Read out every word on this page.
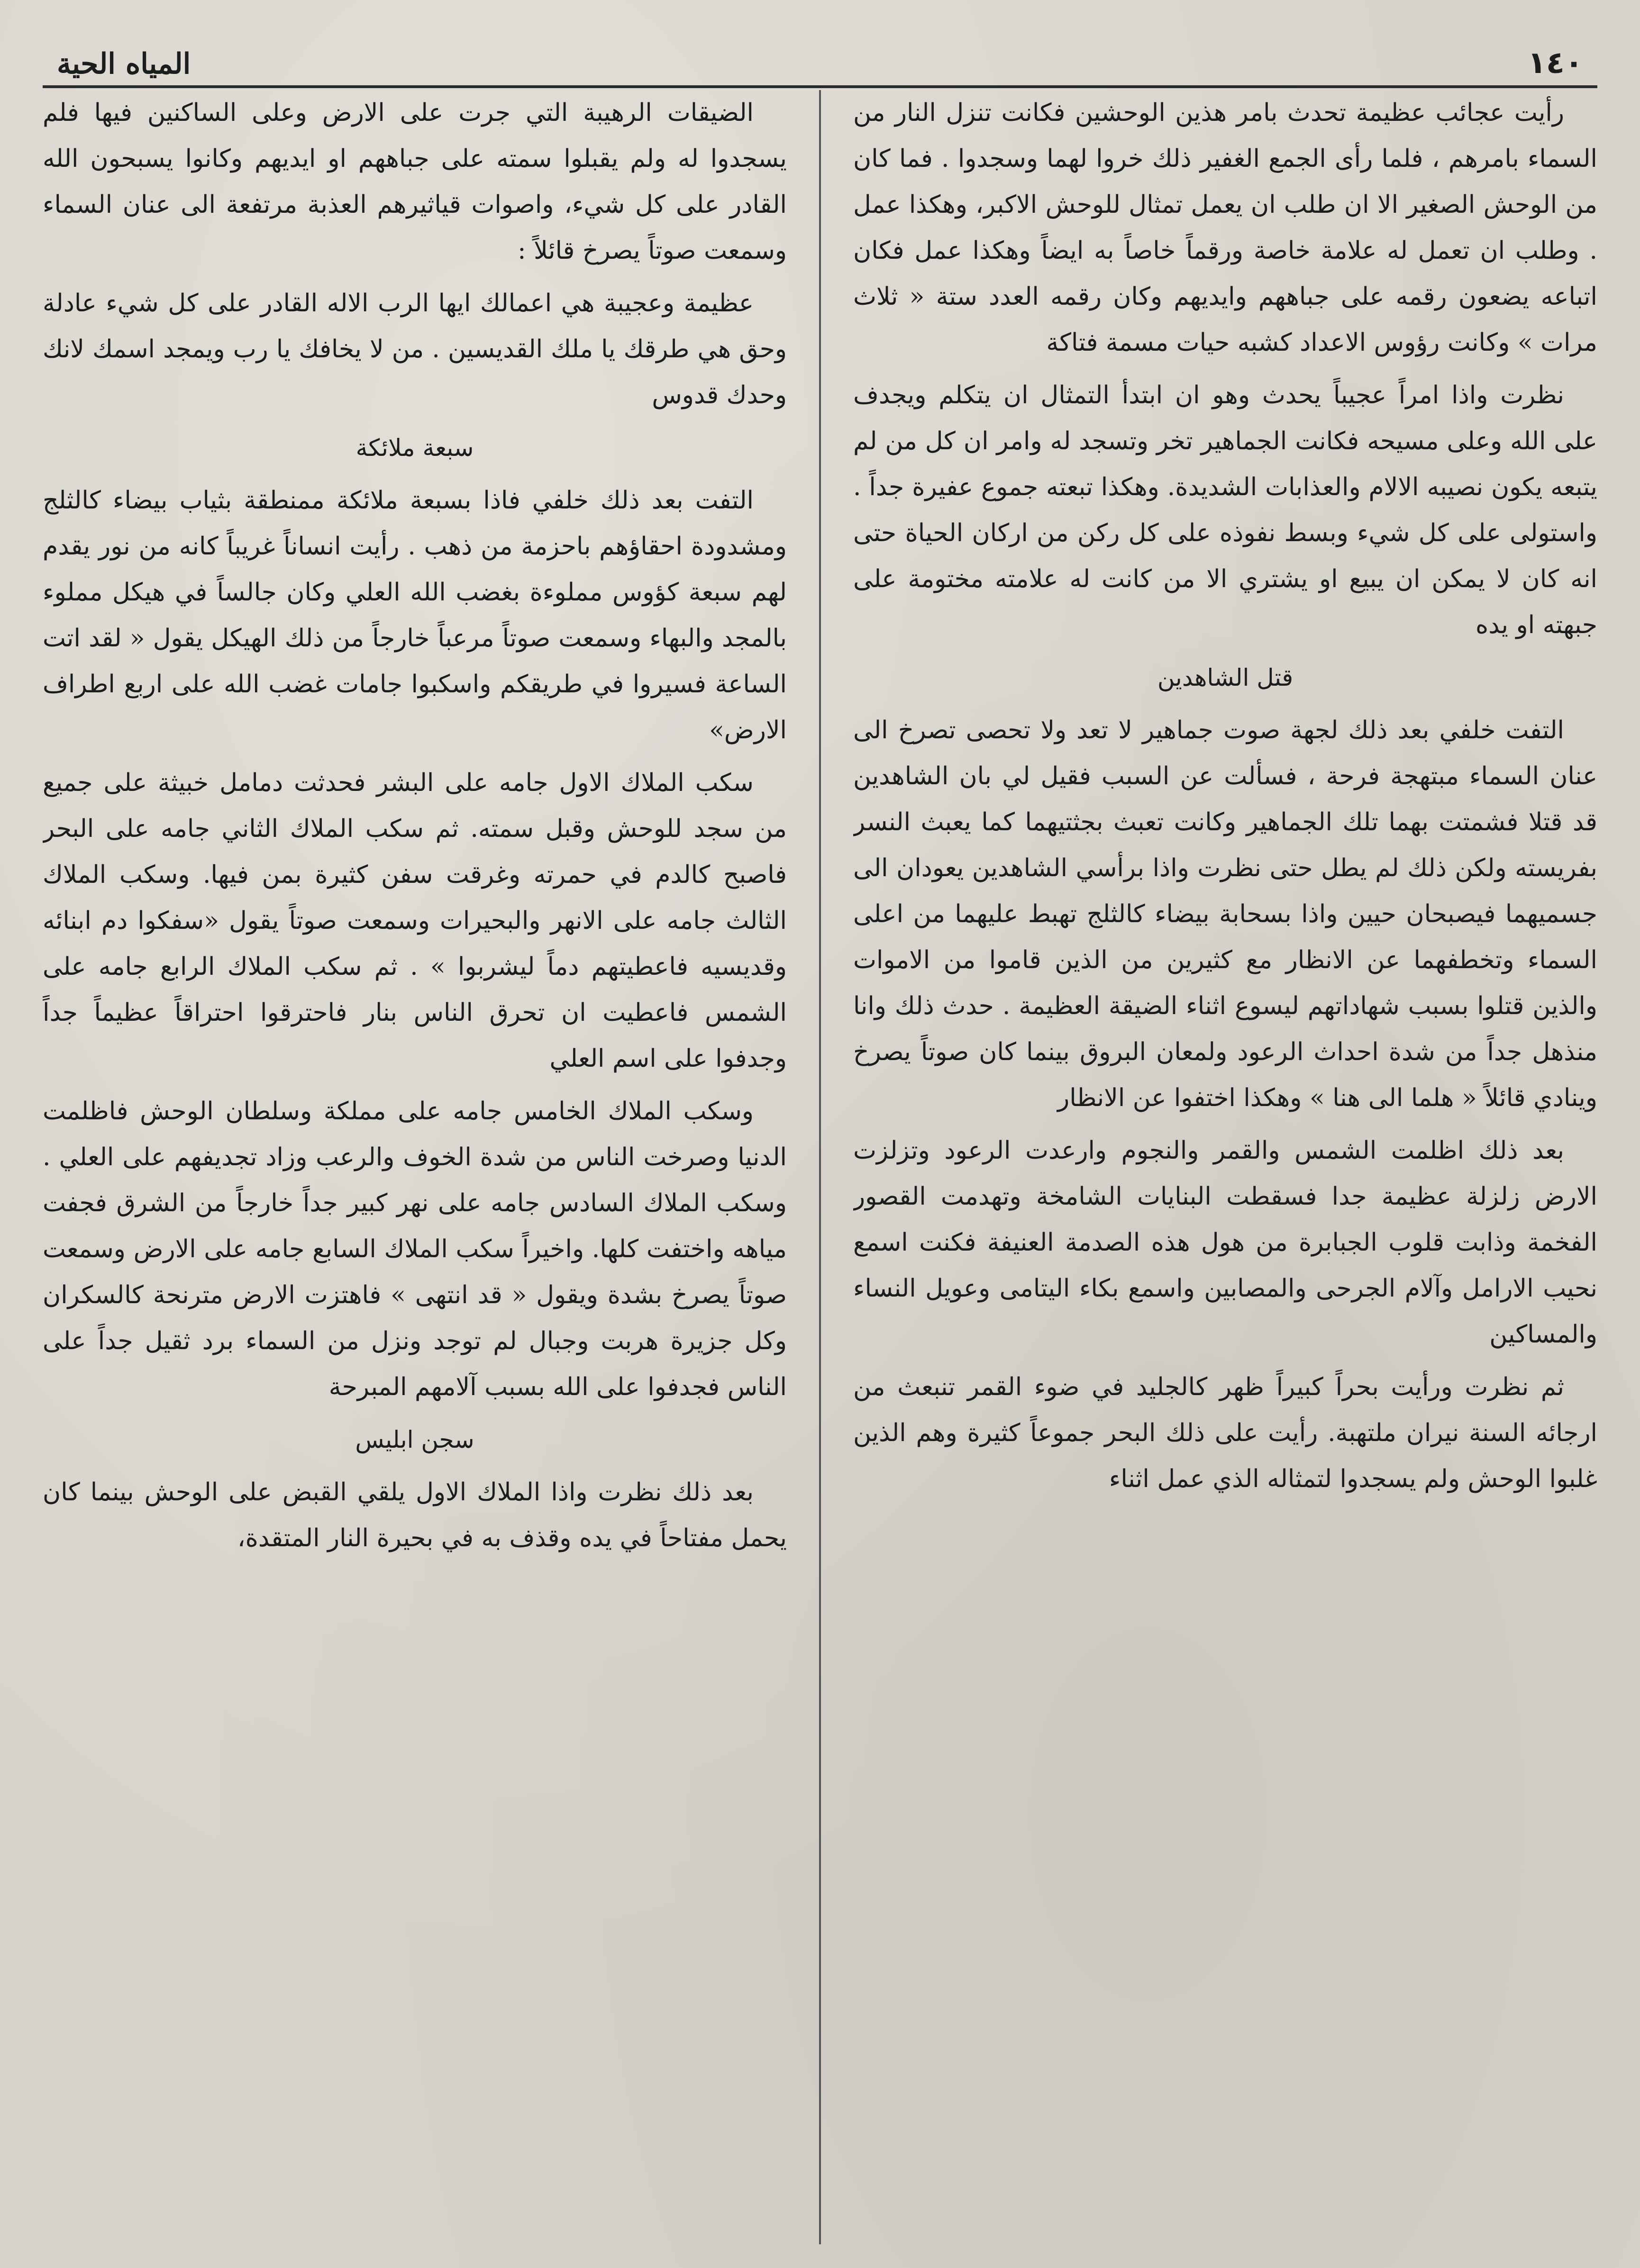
١٤٠
المياه الحية

رأيت عجائب عظيمة تحدث بامر هذين الوحشين فكانت تنزل النار من السماء بامرهم ، فلما رأى الجمع الغفير ذلك خروا لهما وسجدوا . فما كان من الوحش الصغير الا ان طلب ان يعمل تمثال للوحش الاكبر، وهكذا عمل . وطلب ان تعمل له علامة خاصة ورقماً خاصاً به ايضاً وهكذا عمل فكان اتباعه يضعون رقمه على جباههم وايديهم وكان رقمه العدد ستة « ثلاث مرات » وكانت رؤوس الاعداد كشبه حيات مسمة فتاكة

نظرت واذا امراً عجيباً يحدث وهو ان ابتدأ التمثال ان يتكلم ويجدف على الله وعلى مسيحه فكانت الجماهير تخر وتسجد له وامر ان كل من لم يتبعه يكون نصيبه الالام والعذابات الشديدة. وهكذا تبعته جموع عفيرة جداً . واستولى على كل شيء وبسط نفوذه على كل ركن من اركان الحياة حتى انه كان لا يمكن ان يبيع او يشتري الا من كانت له علامته مختومة على جبهته او يده

قتل الشاهدين

التفت خلفي بعد ذلك لجهة صوت جماهير لا تعد ولا تحصى تصرخ الى عنان السماء مبتهجة فرحة ، فسألت عن السبب فقيل لي بان الشاهدين قد قتلا فشمتت بهما تلك الجماهير وكانت تعبث بجثتيهما كما يعبث النسر بفريسته ولكن ذلك لم يطل حتى نظرت واذا برأسي الشاهدين يعودان الى جسميهما فيصبحان حيين واذا بسحابة بيضاء كالثلج تهبط عليهما من اعلى السماء وتخطفهما عن الانظار مع كثيرين من الذين قاموا من الاموات والذين قتلوا بسبب شهاداتهم ليسوع اثناء الضيقة العظيمة . حدث ذلك وانا منذهل جداً من شدة احداث الرعود ولمعان البروق بينما كان صوتاً يصرخ وينادي قائلاً « هلما الى هنا » وهكذا اختفوا عن الانظار

بعد ذلك اظلمت الشمس والقمر والنجوم وارعدت الرعود وتزلزت الارض زلزلة عظيمة جدا فسقطت البنايات الشامخة وتهدمت القصور الفخمة وذابت قلوب الجبابرة من هول هذه الصدمة العنيفة فكنت اسمع نحيب الارامل وآلام الجرحى والمصابين واسمع بكاء اليتامى وعويل النساء والمساكين

ثم نظرت ورأيت بحراً كبيراً ظهر كالجليد في ضوء القمر تنبعث من ارجائه السنة نيران ملتهبة. رأيت على ذلك البحر جموعاً كثيرة وهم الذين غلبوا الوحش ولم يسجدوا لتمثاله الذي عمل اثناء

الضيقات الرهيبة التي جرت على الارض وعلى الساكنين فيها فلم يسجدوا له ولم يقبلوا سمته على جباههم او ايديهم وكانوا يسبحون الله القادر على كل شيء، واصوات قياثيرهم العذبة مرتفعة الى عنان السماء وسمعت صوتاً يصرخ قائلاً :

عظيمة وعجيبة هي اعمالك ايها الرب الاله القادر على كل شيء عادلة وحق هي طرقك يا ملك القديسين . من لا يخافك يا رب ويمجد اسمك لانك وحدك قدوس

سبعة ملائكة

التفت بعد ذلك خلفي فاذا بسبعة ملائكة ممنطقة بثياب بيضاء كالثلج ومشدودة احقاؤهم باحزمة من ذهب . رأيت انساناً غريباً كانه من نور يقدم لهم سبعة كؤوس مملوءة بغضب الله العلي وكان جالساً في هيكل مملوء بالمجد والبهاء وسمعت صوتاً مرعباً خارجاً من ذلك الهيكل يقول « لقد اتت الساعة فسيروا في طريقكم واسكبوا جامات غضب الله على اربع اطراف الارض»

سكب الملاك الاول جامه على البشر فحدثت دمامل خبيثة على جميع من سجد للوحش وقبل سمته. ثم سكب الملاك الثاني جامه على البحر فاصبح كالدم في حمرته وغرقت سفن كثيرة بمن فيها. وسكب الملاك الثالث جامه على الانهر والبحيرات وسمعت صوتاً يقول «سفكوا دم ابنائه وقديسيه فاعطيتهم دماً ليشربوا » . ثم سكب الملاك الرابع جامه على الشمس فاعطيت ان تحرق الناس بنار فاحترقوا احتراقاً عظيماً جداً وجدفوا على اسم العلي

وسكب الملاك الخامس جامه على مملكة وسلطان الوحش فاظلمت الدنيا وصرخت الناس من شدة الخوف والرعب وزاد تجديفهم على العلي . وسكب الملاك السادس جامه على نهر كبير جداً خارجاً من الشرق فجفت مياهه واختفت كلها. واخيراً سكب الملاك السابع جامه على الارض وسمعت صوتاً يصرخ بشدة ويقول « قد انتهى » فاهتزت الارض مترنحة كالسكران وكل جزيرة هربت وجبال لم توجد ونزل من السماء برد ثقيل جداً على الناس فجدفوا على الله بسبب آلامهم المبرحة

سجن ابليس

بعد ذلك نظرت واذا الملاك الاول يلقي القبض على الوحش بينما كان يحمل مفتاحاً في يده وقذف به في بحيرة النار المتقدة،
